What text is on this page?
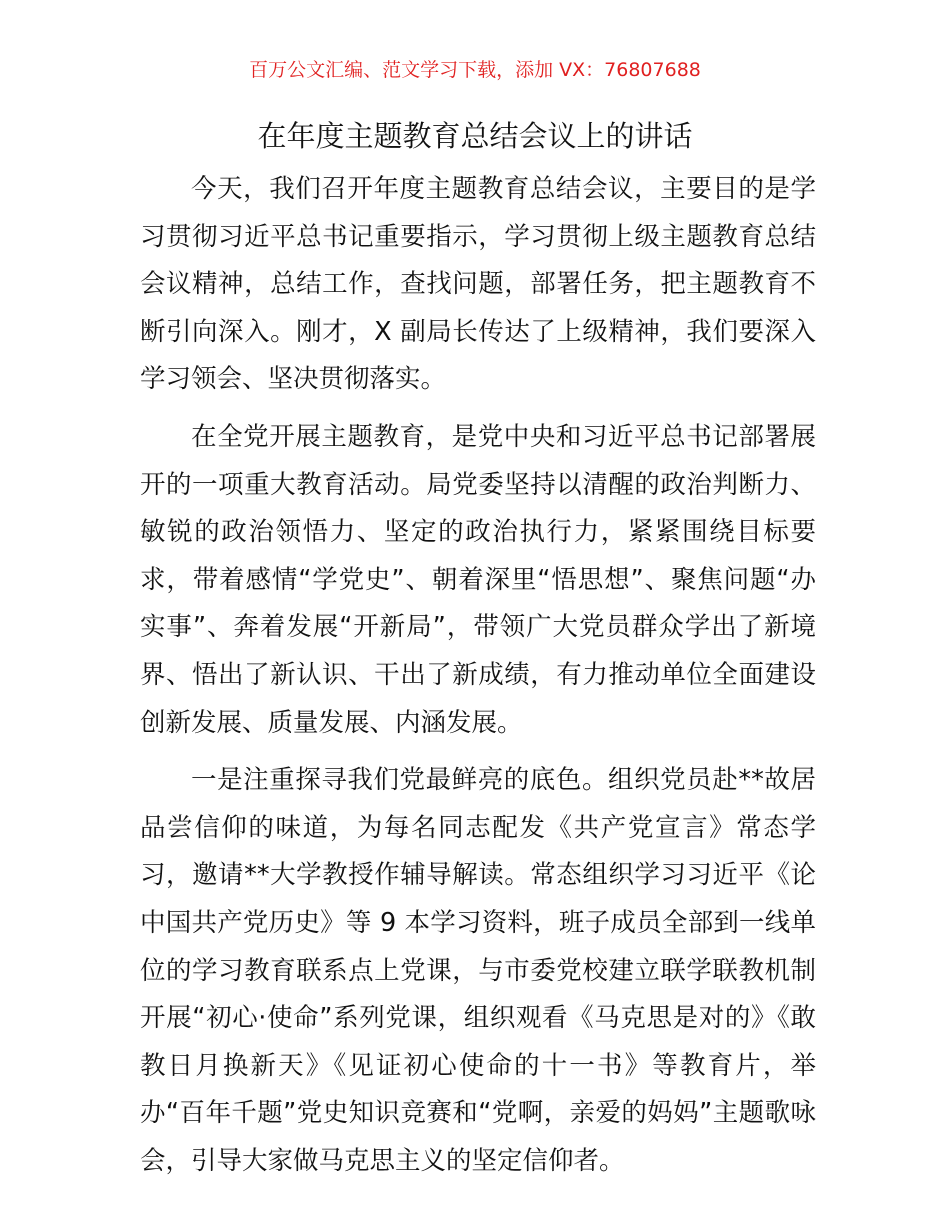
百万公文汇编、范文学习下载，添加 VX：76807688
在年度主题教育总结会议上的讲话

今天，我们召开年度主题教育总结会议，主要目的是学习贯彻习近平总书记重要指示，学习贯彻上级主题教育总结会议精神，总结工作，查找问题，部署任务，把主题教育不断引向深入。刚才，X 副局长传达了上级精神，我们要深入学习领会、坚决贯彻落实。

在全党开展主题教育，是党中央和习近平总书记部署展开的一项重大教育活动。局党委坚持以清醒的政治判断力、敏锐的政治领悟力、坚定的政治执行力，紧紧围绕目标要求，带着感情“学党史”、朝着深里“悟思想”、聚焦问题“办实事”、奔着发展“开新局”，带领广大党员群众学出了新境界、悟出了新认识、干出了新成绩，有力推动单位全面建设创新发展、质量发展、内涵发展。

一是注重探寻我们党最鲜亮的底色。组织党员赴**故居品尝信仰的味道，为每名同志配发《共产党宣言》常态学习，邀请**大学教授作辅导解读。常态组织学习习近平《论中国共产党历史》等 9 本学习资料，班子成员全部到一线单位的学习教育联系点上党课，与市委党校建立联学联教机制开展“初心·使命”系列党课，组织观看《马克思是对的》《敢教日月换新天》《见证初心使命的十一书》等教育片，举办“百年千题”党史知识竞赛和“党啊，亲爱的妈妈”主题歌咏会，引导大家做马克思主义的坚定信仰者。
